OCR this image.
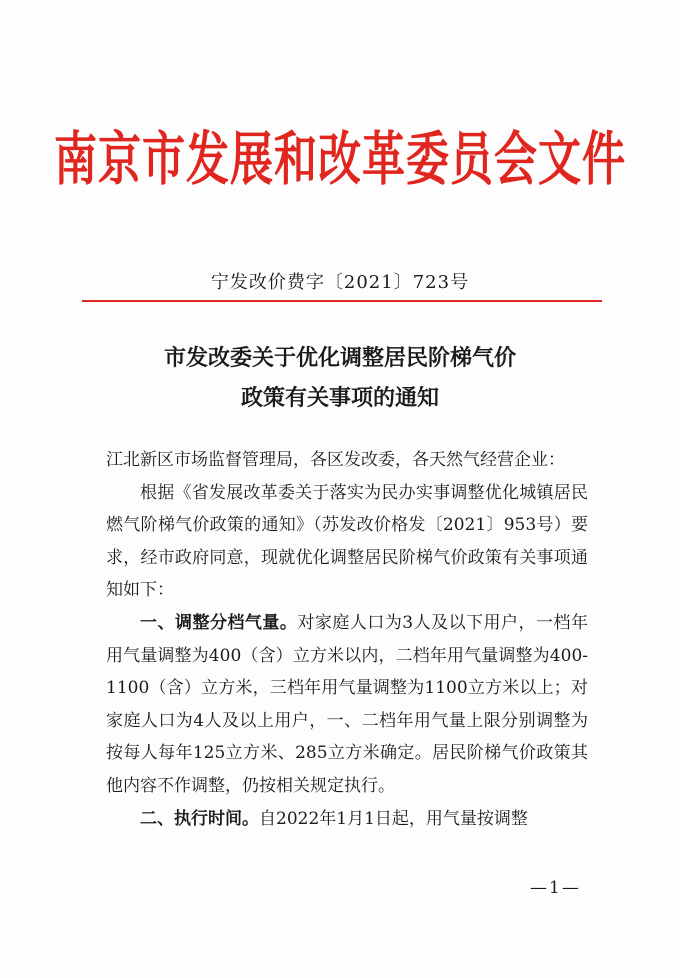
南京市发展和改革委员会文件
宁发改价费字〔2021〕723号
市发改委关于优化调整居民阶梯气价
政策有关事项的通知

江北新区市场监督管理局，各区发改委，各天然气经营企业：

根据《省发展改革委关于落实为民办实事调整优化城镇居民燃气阶梯气价政策的通知》（苏发改价格发〔2021〕953号）要求，经市政府同意，现就优化调整居民阶梯气价政策有关事项通知如下：

一、调整分档气量。对家庭人口为3人及以下用户，一档年用气量调整为400（含）立方米以内，二档年用气量调整为400-1100（含）立方米，三档年用气量调整为1100立方米以上；对家庭人口为4人及以上用户，一、二档年用气量上限分别调整为按每人每年125立方米、285立方米确定。居民阶梯气价政策其他内容不作调整，仍按相关规定执行。

二、执行时间。自2022年1月1日起，用气量按调整

—1—
